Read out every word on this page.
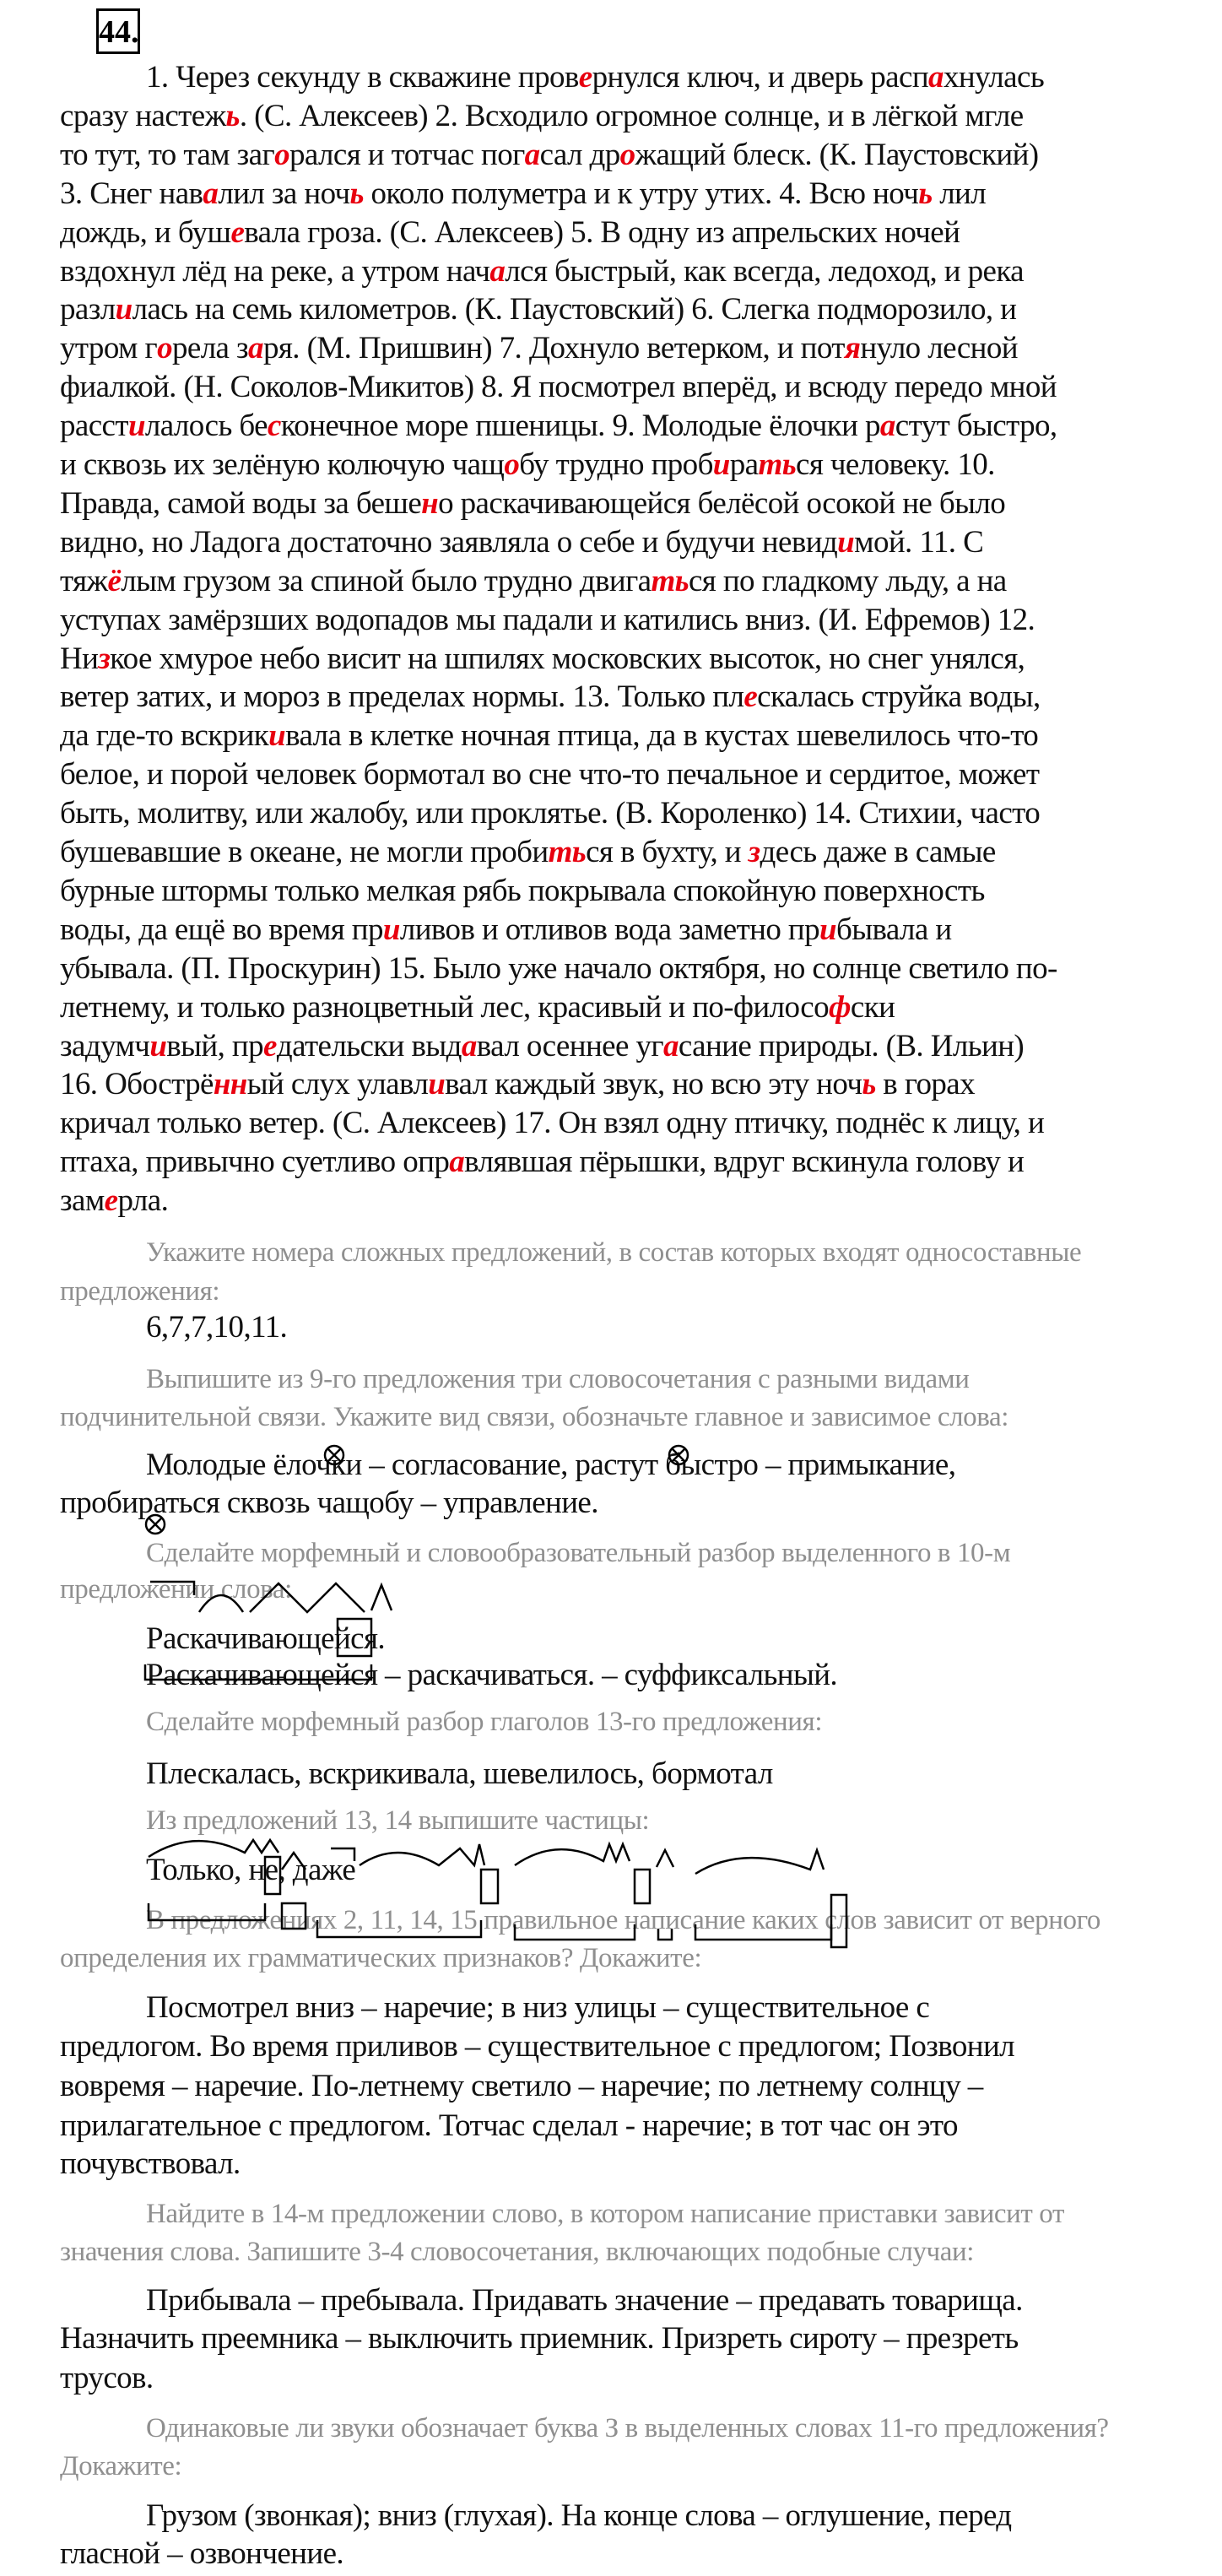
44.
1. Через секунду в скважине провернулся ключ, и дверь распахнулась
сразу настежь. (С. Алексеев) 2. Всходило огромное солнце, и в лёгкой мгле
то тут, то там загорался и тотчас погасал дрожащий блеск. (К. Паустовский)
3. Снег навалил за ночь около полуметра и к утру утих. 4. Всю ночь лил
дождь, и бушевала гроза. (С. Алексеев) 5. В одну из апрельских ночей
вздохнул лёд на реке, а утром начался быстрый, как всегда, ледоход, и река
разлилась на семь километров. (К. Паустовский) 6. Слегка подморозило, и
утром горела заря. (М. Пришвин) 7. Дохнуло ветерком, и потянуло лесной
фиалкой. (Н. Соколов-Микитов) 8. Я посмотрел вперёд, и всюду передо мной
расстилалось бесконечное море пшеницы. 9. Молодые ёлочки растут быстро,
и сквозь их зелёную колючую чащобу трудно пробираться человеку. 10.
Правда, самой воды за бешено раскачивающейся белёсой осокой не было
видно, но Ладога достаточно заявляла о себе и будучи невидимой. 11. С
тяжёлым грузом за спиной было трудно двигаться по гладкому льду, а на
уступах замёрзших водопадов мы падали и катились вниз. (И. Ефремов) 12.
Низкое хмурое небо висит на шпилях московских высоток, но снег унялся,
ветер затих, и мороз в пределах нормы. 13. Только плескалась струйка воды,
да где-то вскрикивала в клетке ночная птица, да в кустах шевелилось что-то
белое, и порой человек бормотал во сне что-то печальное и сердитое, может
быть, молитву, или жалобу, или проклятье. (В. Короленко) 14. Стихии, часто
бушевавшие в океане, не могли пробиться в бухту, и здесь даже в самые
бурные штормы только мелкая рябь покрывала спокойную поверхность
воды, да ещё во время приливов и отливов вода заметно прибывала и
убывала. (П. Проскурин) 15. Было уже начало октября, но солнце светило по-
летнему, и только разноцветный лес, красивый и по-философски
задумчивый, предательски выдавал осеннее угасание природы. (В. Ильин)
16. Обострённый слух улавливал каждый звук, но всю эту ночь в горах
кричал только ветер. (С. Алексеев) 17. Он взял одну птичку, поднёс к лицу, и
птаха, привычно суетливо оправлявшая пёрышки, вдруг вскинула голову и
замерла.
Укажите номера сложных предложений, в состав которых входят односоставные
предложения:
6,7,7,10,11.
Выпишите из 9-го предложения три словосочетания с разными видами
подчинительной связи. Укажите вид связи, обозначьте главное и зависимое слова:
Молодые ёлочки – согласование, растут быстро – примыкание,
пробираться сквозь чащобу – управление.
Сделайте морфемный и словообразовательный разбор выделенного в 10-м
предложении слова:
Раскачивающейся.
Раскачивающейся – раскачиваться. – суффиксальный.
Сделайте морфемный разбор глаголов 13-го предложения:
Плескалась, вскрикивала, шевелилось, бормотал
Из предложений 13, 14 выпишите частицы:
Только, не, даже
В предложениях 2, 11, 14, 15 правильное написание каких слов зависит от верного
определения их грамматических признаков? Докажите:
Посмотрел вниз – наречие; в низ улицы – существительное с
предлогом. Во время приливов – существительное с предлогом; Позвонил
вовремя – наречие. По-летнему светило – наречие; по летнему солнцу –
прилагательное с предлогом. Тотчас сделал - наречие; в тот час он это
почувствовал.
Найдите в 14-м предложении слово, в котором написание приставки зависит от
значения слова. Запишите 3-4 словосочетания, включающих подобные случаи:
Прибывала – пребывала. Придавать значение – предавать товарища.
Назначить преемника – выключить приемник. Призреть сироту – презреть
трусов.
Одинаковые ли звуки обозначает буква З в выделенных словах 11-го предложения?
Докажите:
Грузом (звонкая); вниз (глухая). На конце слова – оглушение, перед
гласной – озвончение.
